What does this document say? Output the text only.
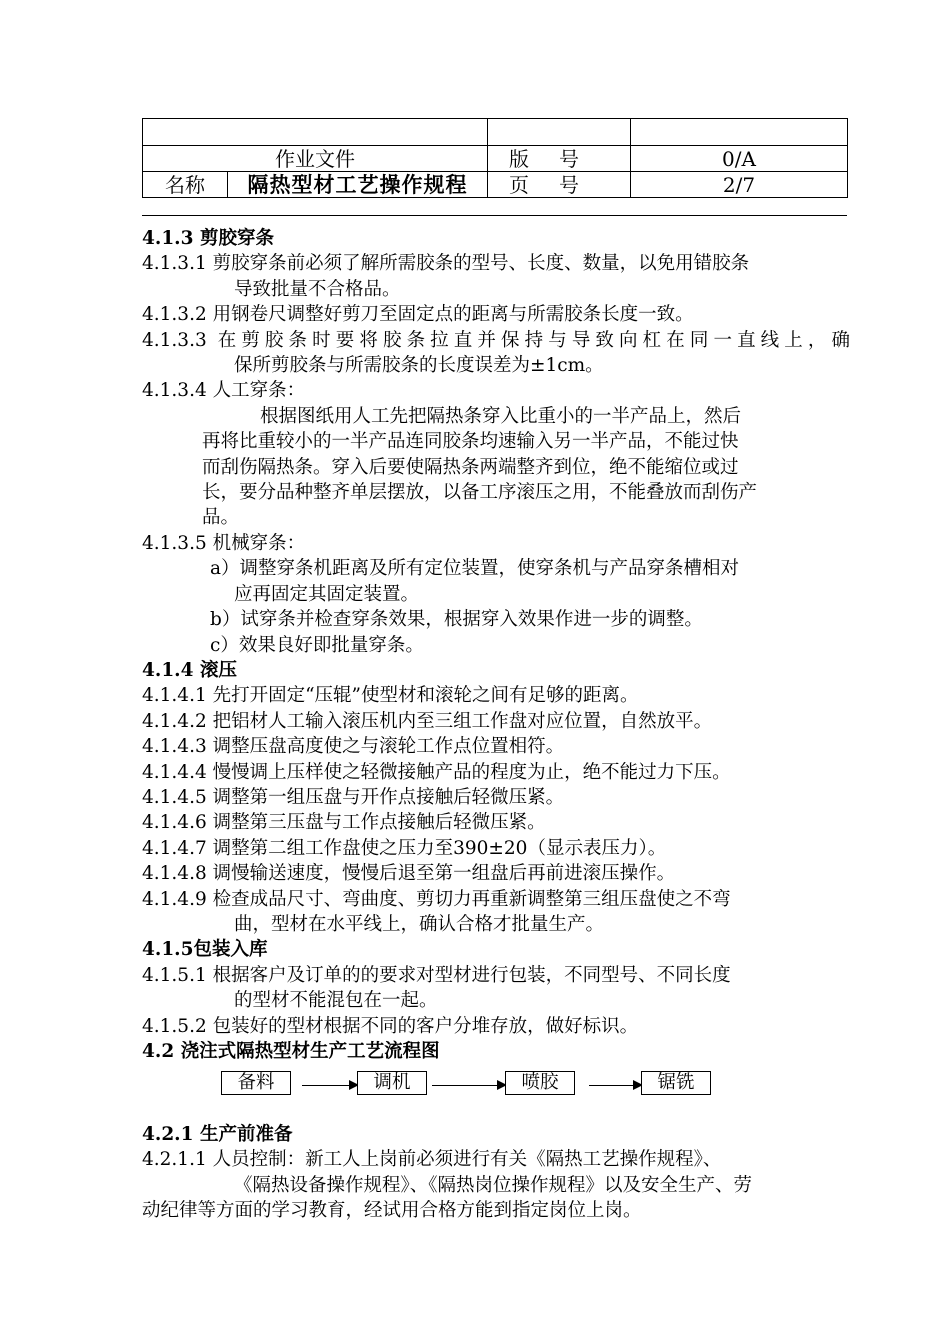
作业文件		版号	0/A
名称	隔热型材工艺操作规程	页号	2/7

4.1.3 剪胶穿条

4.1.3.1 剪胶穿条前必须了解所需胶条的型号、长度、数量，以免用错胶条

导致批量不合格品。

4.1.3.2 用钢卷尺调整好剪刀至固定点的距离与所需胶条长度一致。

4.1.3.3 在剪胶条时要将胶条拉直并保持与导致向杠在同一直线上，确

保所剪胶条与所需胶条的长度误差为±1cm。

4.1.3.4 人工穿条：

根据图纸用人工先把隔热条穿入比重小的一半产品上，然后

再将比重较小的一半产品连同胶条均速输入另一半产品，不能过快

而刮伤隔热条。穿入后要使隔热条两端整齐到位，绝不能缩位或过

长，要分品种整齐单层摆放，以备工序滚压之用，不能叠放而刮伤产

品。

4.1.3.5 机械穿条：

a）调整穿条机距离及所有定位装置，使穿条机与产品穿条槽相对

应再固定其固定装置。

b）试穿条并检查穿条效果，根据穿入效果作进一步的调整。

c）效果良好即批量穿条。

4.1.4 滚压

4.1.4.1 先打开固定“压辊”使型材和滚轮之间有足够的距离。

4.1.4.2 把铝材人工输入滚压机内至三组工作盘对应位置，自然放平。

4.1.4.3 调整压盘高度使之与滚轮工作点位置相符。

4.1.4.4 慢慢调上压样使之轻微接触产品的程度为止，绝不能过力下压。

4.1.4.5 调整第一组压盘与开作点接触后轻微压紧。

4.1.4.6 调整第三压盘与工作点接触后轻微压紧。

4.1.4.7 调整第二组工作盘使之压力至390±20（显示表压力）。

4.1.4.8 调慢输送速度，慢慢后退至第一组盘后再前进滚压操作。

4.1.4.9 检查成品尺寸、弯曲度、剪切力再重新调整第三组压盘使之不弯

曲，型材在水平线上，确认合格才批量生产。

4.1.5包装入库

4.1.5.1 根据客户及订单的的要求对型材进行包装，不同型号、不同长度

的型材不能混包在一起。

4.1.5.2 包装好的型材根据不同的客户分堆存放，做好标识。

4.2 浇注式隔热型材生产工艺流程图

备料	调机	喷胶	锯铣

4.2.1 生产前准备

4.2.1.1 人员控制：新工人上岗前必须进行有关《隔热工艺操作规程》、

《隔热设备操作规程》、《隔热岗位操作规程》以及安全生产、劳

动纪律等方面的学习教育，经试用合格方能到指定岗位上岗。
